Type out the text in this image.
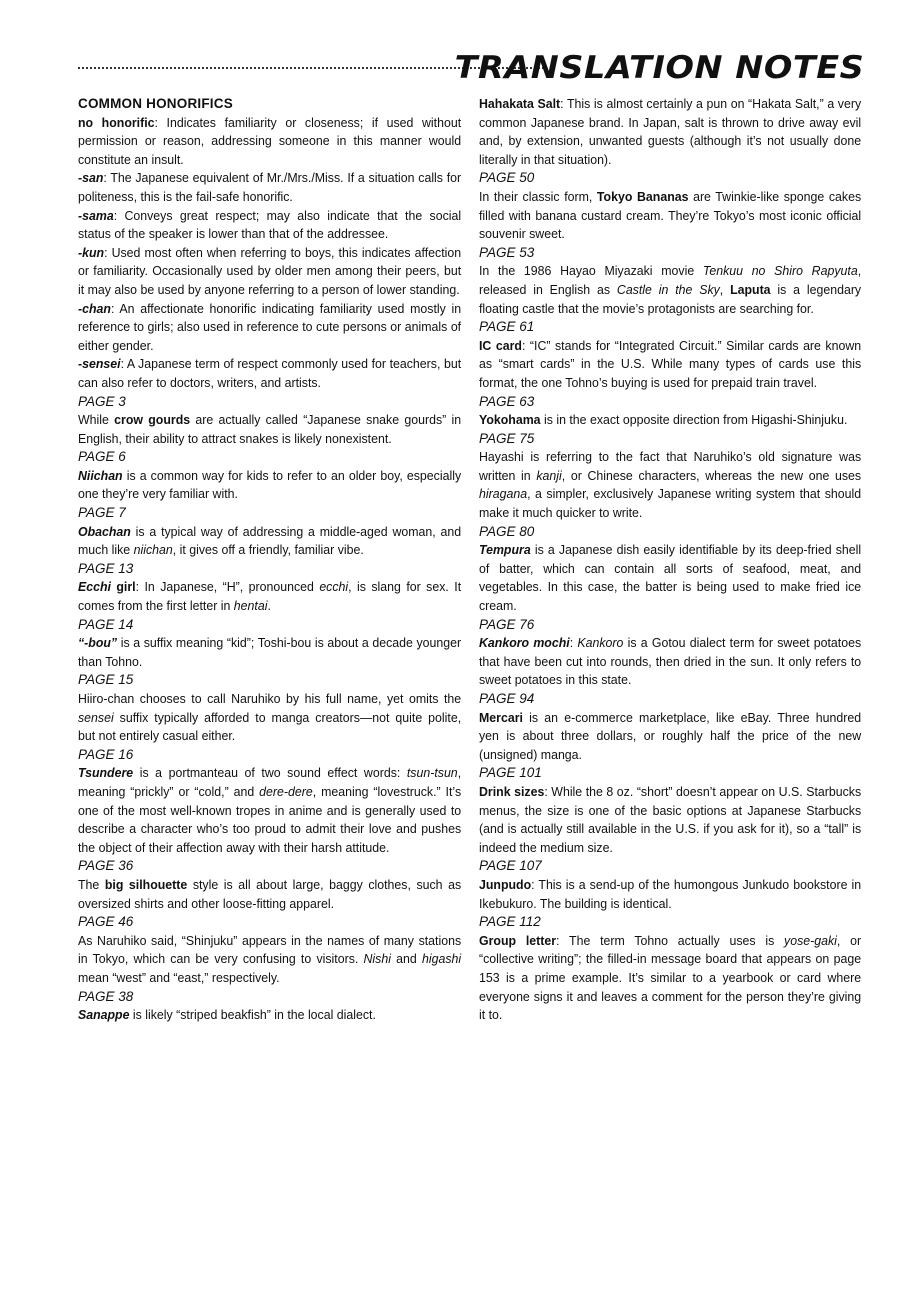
TRANSLATION NOTES
COMMON HONORIFICS

no honorific: Indicates familiarity or closeness; if used without permission or reason, addressing someone in this manner would constitute an insult.

-san: The Japanese equivalent of Mr./Mrs./Miss. If a situation calls for politeness, this is the fail-safe honorific.

-sama: Conveys great respect; may also indicate that the social status of the speaker is lower than that of the addressee.

-kun: Used most often when referring to boys, this indicates affection or familiarity. Occasionally used by older men among their peers, but it may also be used by anyone referring to a person of lower standing.

-chan: An affectionate honorific indicating familiarity used mostly in reference to girls; also used in reference to cute persons or animals of either gender.

-sensei: A Japanese term of respect commonly used for teachers, but can also refer to doctors, writers, and artists.

PAGE 3

While crow gourds are actually called “Japanese snake gourds” in English, their ability to attract snakes is likely nonexistent.

PAGE 6

Niichan is a common way for kids to refer to an older boy, especially one they’re very familiar with.

PAGE 7

Obachan is a typical way of addressing a middle-aged woman, and much like niichan, it gives off a friendly, familiar vibe.

PAGE 13

Ecchi girl: In Japanese, “H”, pronounced ecchi, is slang for sex. It comes from the first letter in hentai.

PAGE 14

“-bou” is a suffix meaning “kid”; Toshi-bou is about a decade younger than Tohno.

PAGE 15

Hiiro-chan chooses to call Naruhiko by his full name, yet omits the sensei suffix typically afforded to manga creators—not quite polite, but not entirely casual either.

PAGE 16

Tsundere is a portmanteau of two sound effect words: tsun-tsun, meaning “prickly” or “cold,” and dere-dere, meaning “lovestruck.” It’s one of the most well-known tropes in anime and is generally used to describe a character who’s too proud to admit their love and pushes the object of their affection away with their harsh attitude.

PAGE 36

The big silhouette style is all about large, baggy clothes, such as oversized shirts and other loose-fitting apparel.

PAGE 46

As Naruhiko said, “Shinjuku” appears in the names of many stations in Tokyo, which can be very confusing to visitors. Nishi and higashi mean “west” and “east,” respectively.

PAGE 38

Sanappe is likely “striped beakfish” in the local dialect.

Hahakata Salt: This is almost certainly a pun on “Hakata Salt,” a very common Japanese brand. In Japan, salt is thrown to drive away evil and, by extension, unwanted guests (although it’s not usually done literally in that situation).

PAGE 50

In their classic form, Tokyo Bananas are Twinkie-like sponge cakes filled with banana custard cream. They’re Tokyo’s most iconic official souvenir sweet.

PAGE 53

In the 1986 Hayao Miyazaki movie Tenkuu no Shiro Rapyuta, released in English as Castle in the Sky, Laputa is a legendary floating castle that the movie’s protagonists are searching for.

PAGE 61

IC card: “IC” stands for “Integrated Circuit.” Similar cards are known as “smart cards” in the U.S. While many types of cards use this format, the one Tohno’s buying is used for prepaid train travel.

PAGE 63

Yokohama is in the exact opposite direction from Higashi-Shinjuku.

PAGE 75

Hayashi is referring to the fact that Naruhiko’s old signature was written in kanji, or Chinese characters, whereas the new one uses hiragana, a simpler, exclusively Japanese writing system that should make it much quicker to write.

PAGE 80

Tempura is a Japanese dish easily identifiable by its deep-fried shell of batter, which can contain all sorts of seafood, meat, and vegetables. In this case, the batter is being used to make fried ice cream.

PAGE 76

Kankoro mochi: Kankoro is a Gotou dialect term for sweet potatoes that have been cut into rounds, then dried in the sun. It only refers to sweet potatoes in this state.

PAGE 94

Mercari is an e-commerce marketplace, like eBay. Three hundred yen is about three dollars, or roughly half the price of the new (unsigned) manga.

PAGE 101

Drink sizes: While the 8 oz. “short” doesn’t appear on U.S. Starbucks menus, the size is one of the basic options at Japanese Starbucks (and is actually still available in the U.S. if you ask for it), so a “tall” is indeed the medium size.

PAGE 107

Junpudo: This is a send-up of the humongous Junkudo bookstore in Ikebukuro. The building is identical.

PAGE 112

Group letter: The term Tohno actually uses is yose-gaki, or “collective writing”; the filled-in message board that appears on page 153 is a prime example. It’s similar to a yearbook or card where everyone signs it and leaves a comment for the person they’re giving it to.
